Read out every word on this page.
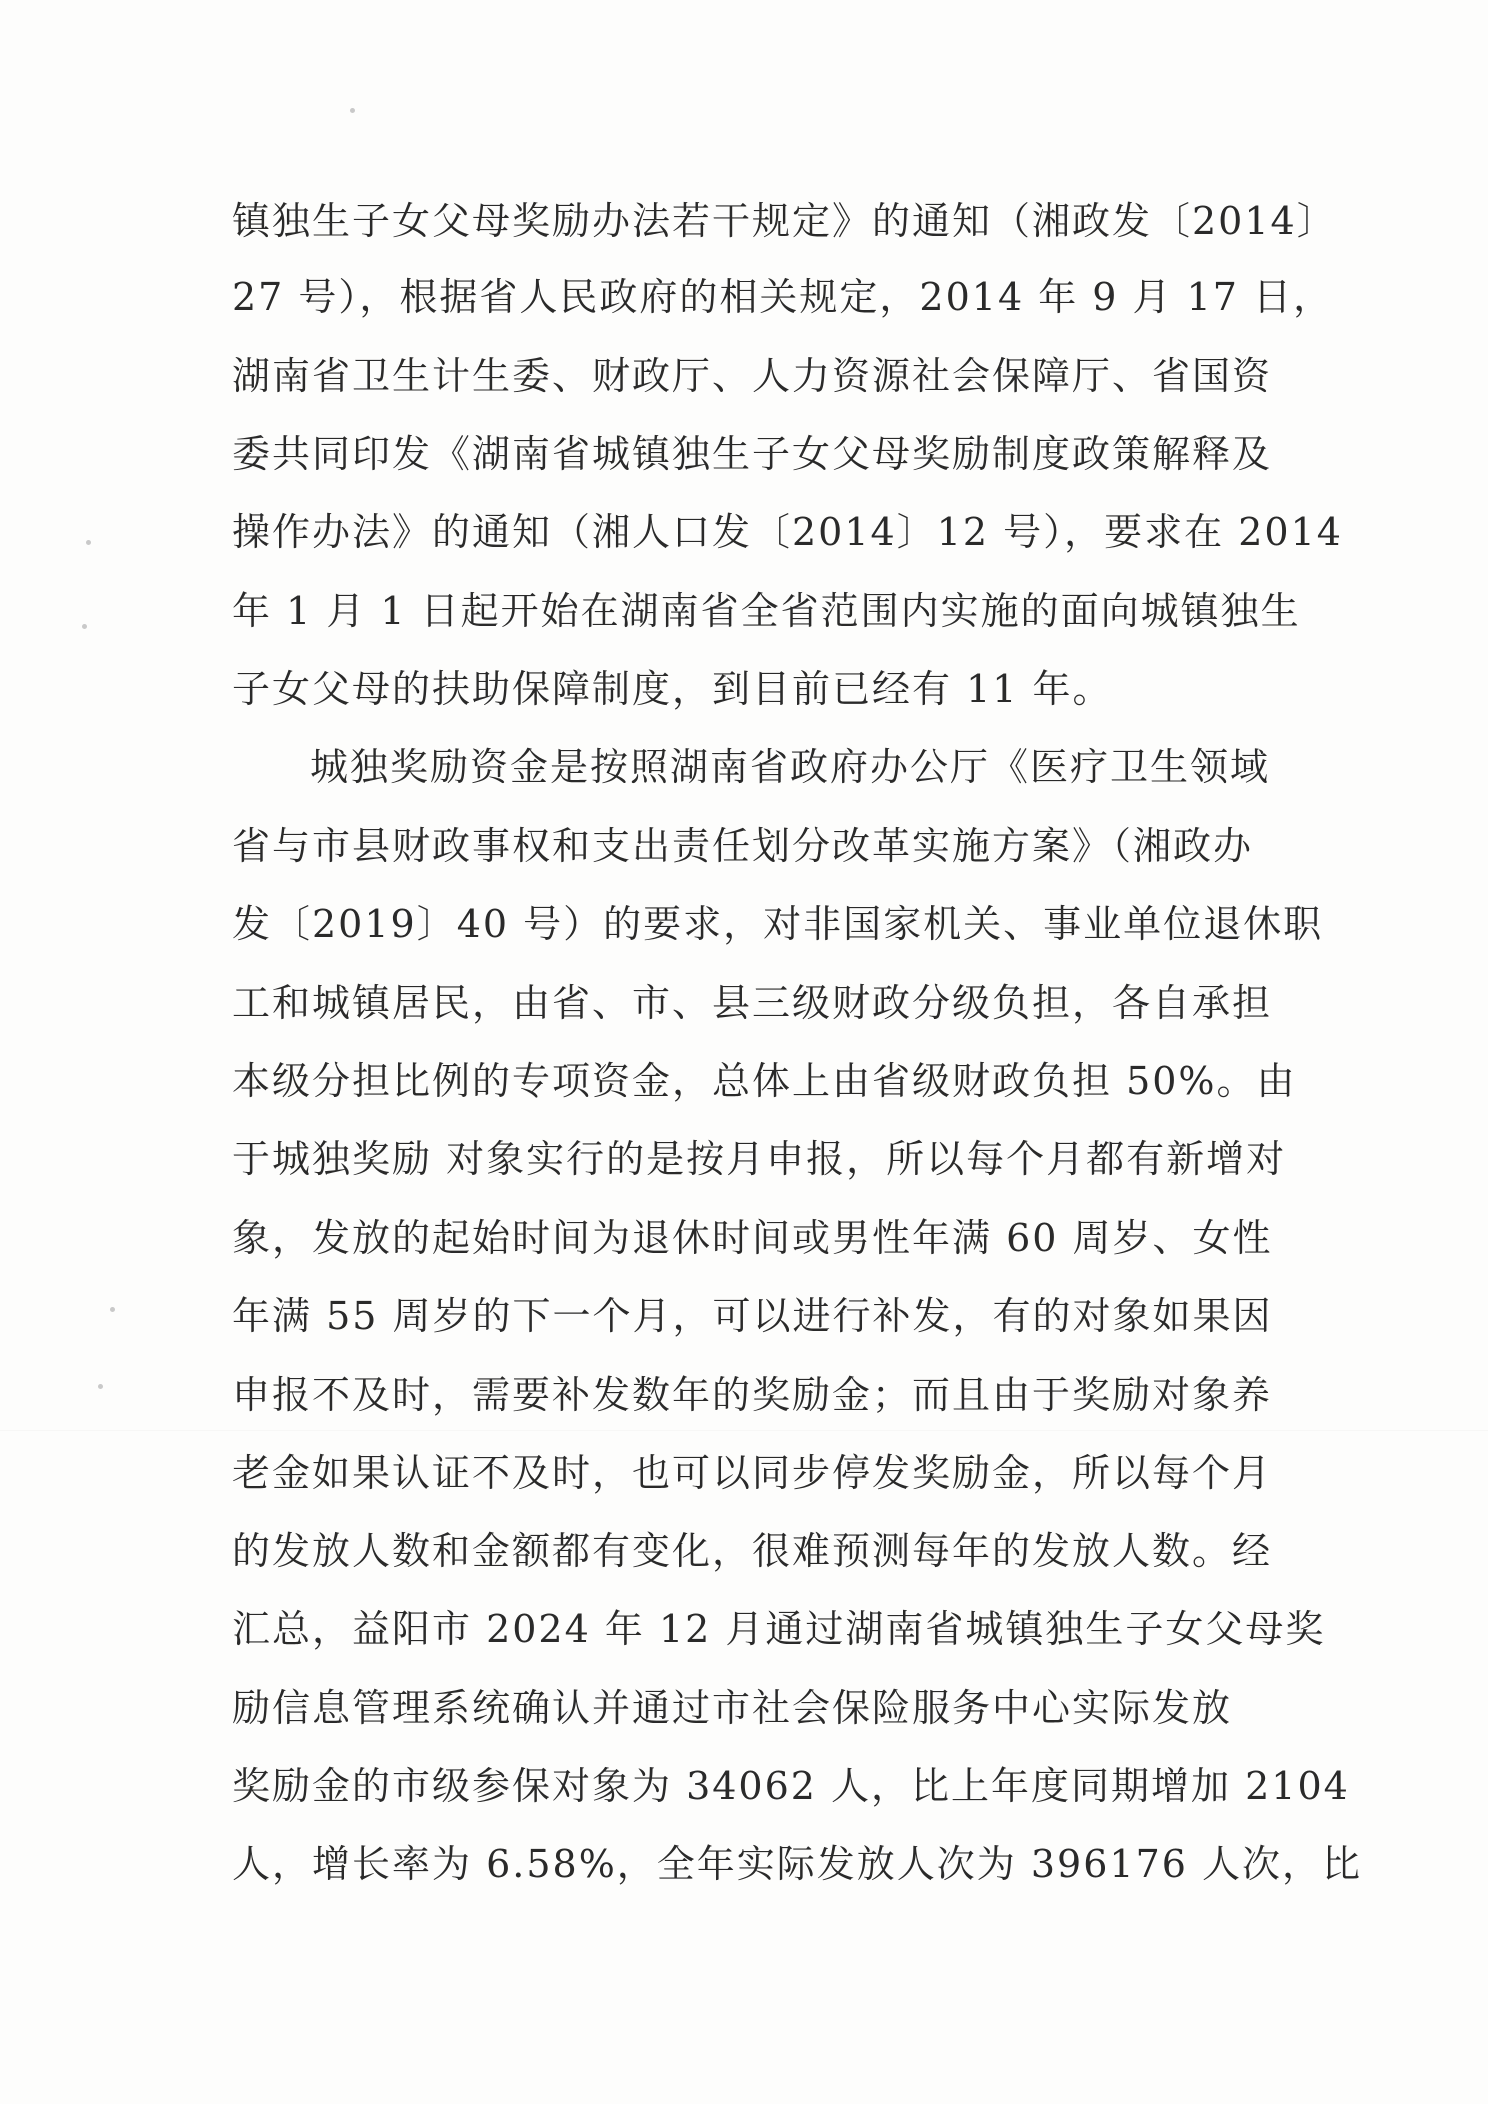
镇独生子女父母奖励办法若干规定》的通知（湘政发〔2014〕
27 号），根据省人民政府的相关规定，2014 年 9 月 17 日，
湖南省卫生计生委、财政厅、人力资源社会保障厅、省国资
委共同印发《湖南省城镇独生子女父母奖励制度政策解释及
操作办法》的通知（湘人口发〔2014〕12 号），要求在 2014
年 1 月 1 日起开始在湖南省全省范围内实施的面向城镇独生
子女父母的扶助保障制度，到目前已经有 11 年。
城独奖励资金是按照湖南省政府办公厅《医疗卫生领域
省与市县财政事权和支出责任划分改革实施方案》（湘政办
发〔2019〕40 号）的要求，对非国家机关、事业单位退休职
工和城镇居民，由省、市、县三级财政分级负担，各自承担
本级分担比例的专项资金，总体上由省级财政负担 50%。由
于城独奖励 对象实行的是按月申报，所以每个月都有新增对
象，发放的起始时间为退休时间或男性年满 60 周岁、女性
年满 55 周岁的下一个月，可以进行补发，有的对象如果因
申报不及时，需要补发数年的奖励金；而且由于奖励对象养
老金如果认证不及时，也可以同步停发奖励金，所以每个月
的发放人数和金额都有变化，很难预测每年的发放人数。经
汇总，益阳市 2024 年 12 月通过湖南省城镇独生子女父母奖
励信息管理系统确认并通过市社会保险服务中心实际发放
奖励金的市级参保对象为 34062 人，比上年度同期增加 2104
人，增长率为 6.58%，全年实际发放人次为 396176 人次，比
